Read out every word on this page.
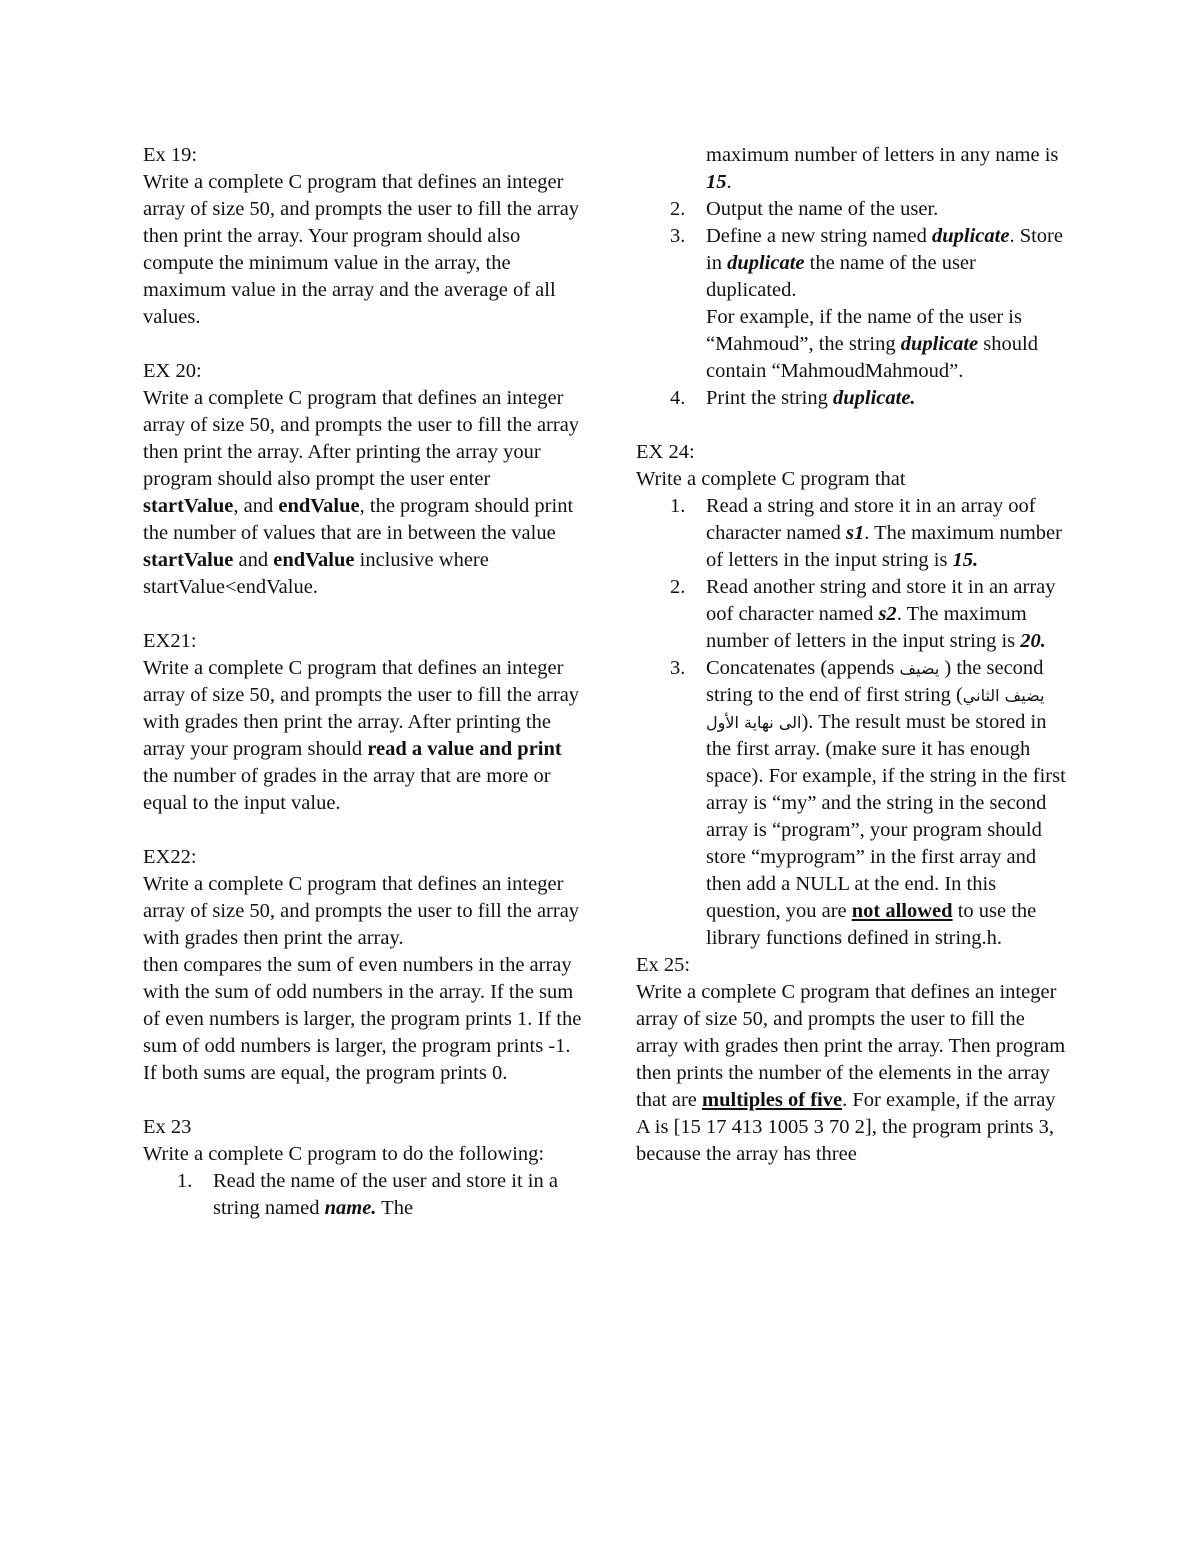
Ex 19:

Write a complete C program that defines an integer array of size 50, and prompts the user to fill the array then print the array. Your program should also compute the minimum value in the array, the maximum value in the array and the average of all values.

EX 20:

Write a complete C program that defines an integer array of size 50, and prompts the user to fill the array then print the array. After printing the array your program should also prompt the user enter startValue, and endValue, the program should print the number of values that are in between the value startValue and endValue inclusive where startValue<endValue.

EX21:

Write a complete C program that defines an integer array of size 50, and prompts the user to fill the array with grades then print the array. After printing the array your program should read a value and print the number of grades in the array that are more or equal to the input value.

EX22:

Write a complete C program that defines an integer array of size 50, and prompts the user to fill the array with grades then print the array.

then compares the sum of even numbers in the array with the sum of odd numbers in the array. If the sum of even numbers is larger, the program prints 1. If the sum of odd numbers is larger, the program prints -1. If both sums are equal, the program prints 0.

Ex 23

Write a complete C program to do the following:

1. Read the name of the user and store it in a string named name. The
maximum number of letters in any name is 15.
2. Output the name of the user.
3. Define a new string named duplicate. Store in duplicate the name of the user duplicated.
For example, if the name of the user is “Mahmoud”, the string duplicate should contain “MahmoudMahmoud”.
4. Print the string duplicate.
EX 24:

Write a complete C program that

1. Read a string and store it in an array oof character named s1. The maximum number of letters in the input string is 15.
2. Read another string and store it in an array oof character named s2. The maximum number of letters in the input string is 20.
3. Concatenates (appends يضيف ) the second string to the end of first string (يضيف الثاني الى نهاية الأول). The result must be stored in the first array. (make sure it has enough space). For example, if the string in the first array is “my” and the string in the second array is “program”, your program should store “myprogram” in the first array and then add a NULL at the end. In this question, you are not allowed to use the library functions defined in string.h.
Ex 25:

Write a complete C program that defines an integer array of size 50, and prompts the user to fill the array with grades then print the array. Then program then prints the number of the elements in the array that are multiples of five. For example, if the array A is [15 17 413 1005 3 70 2], the program prints 3, because the array has three
